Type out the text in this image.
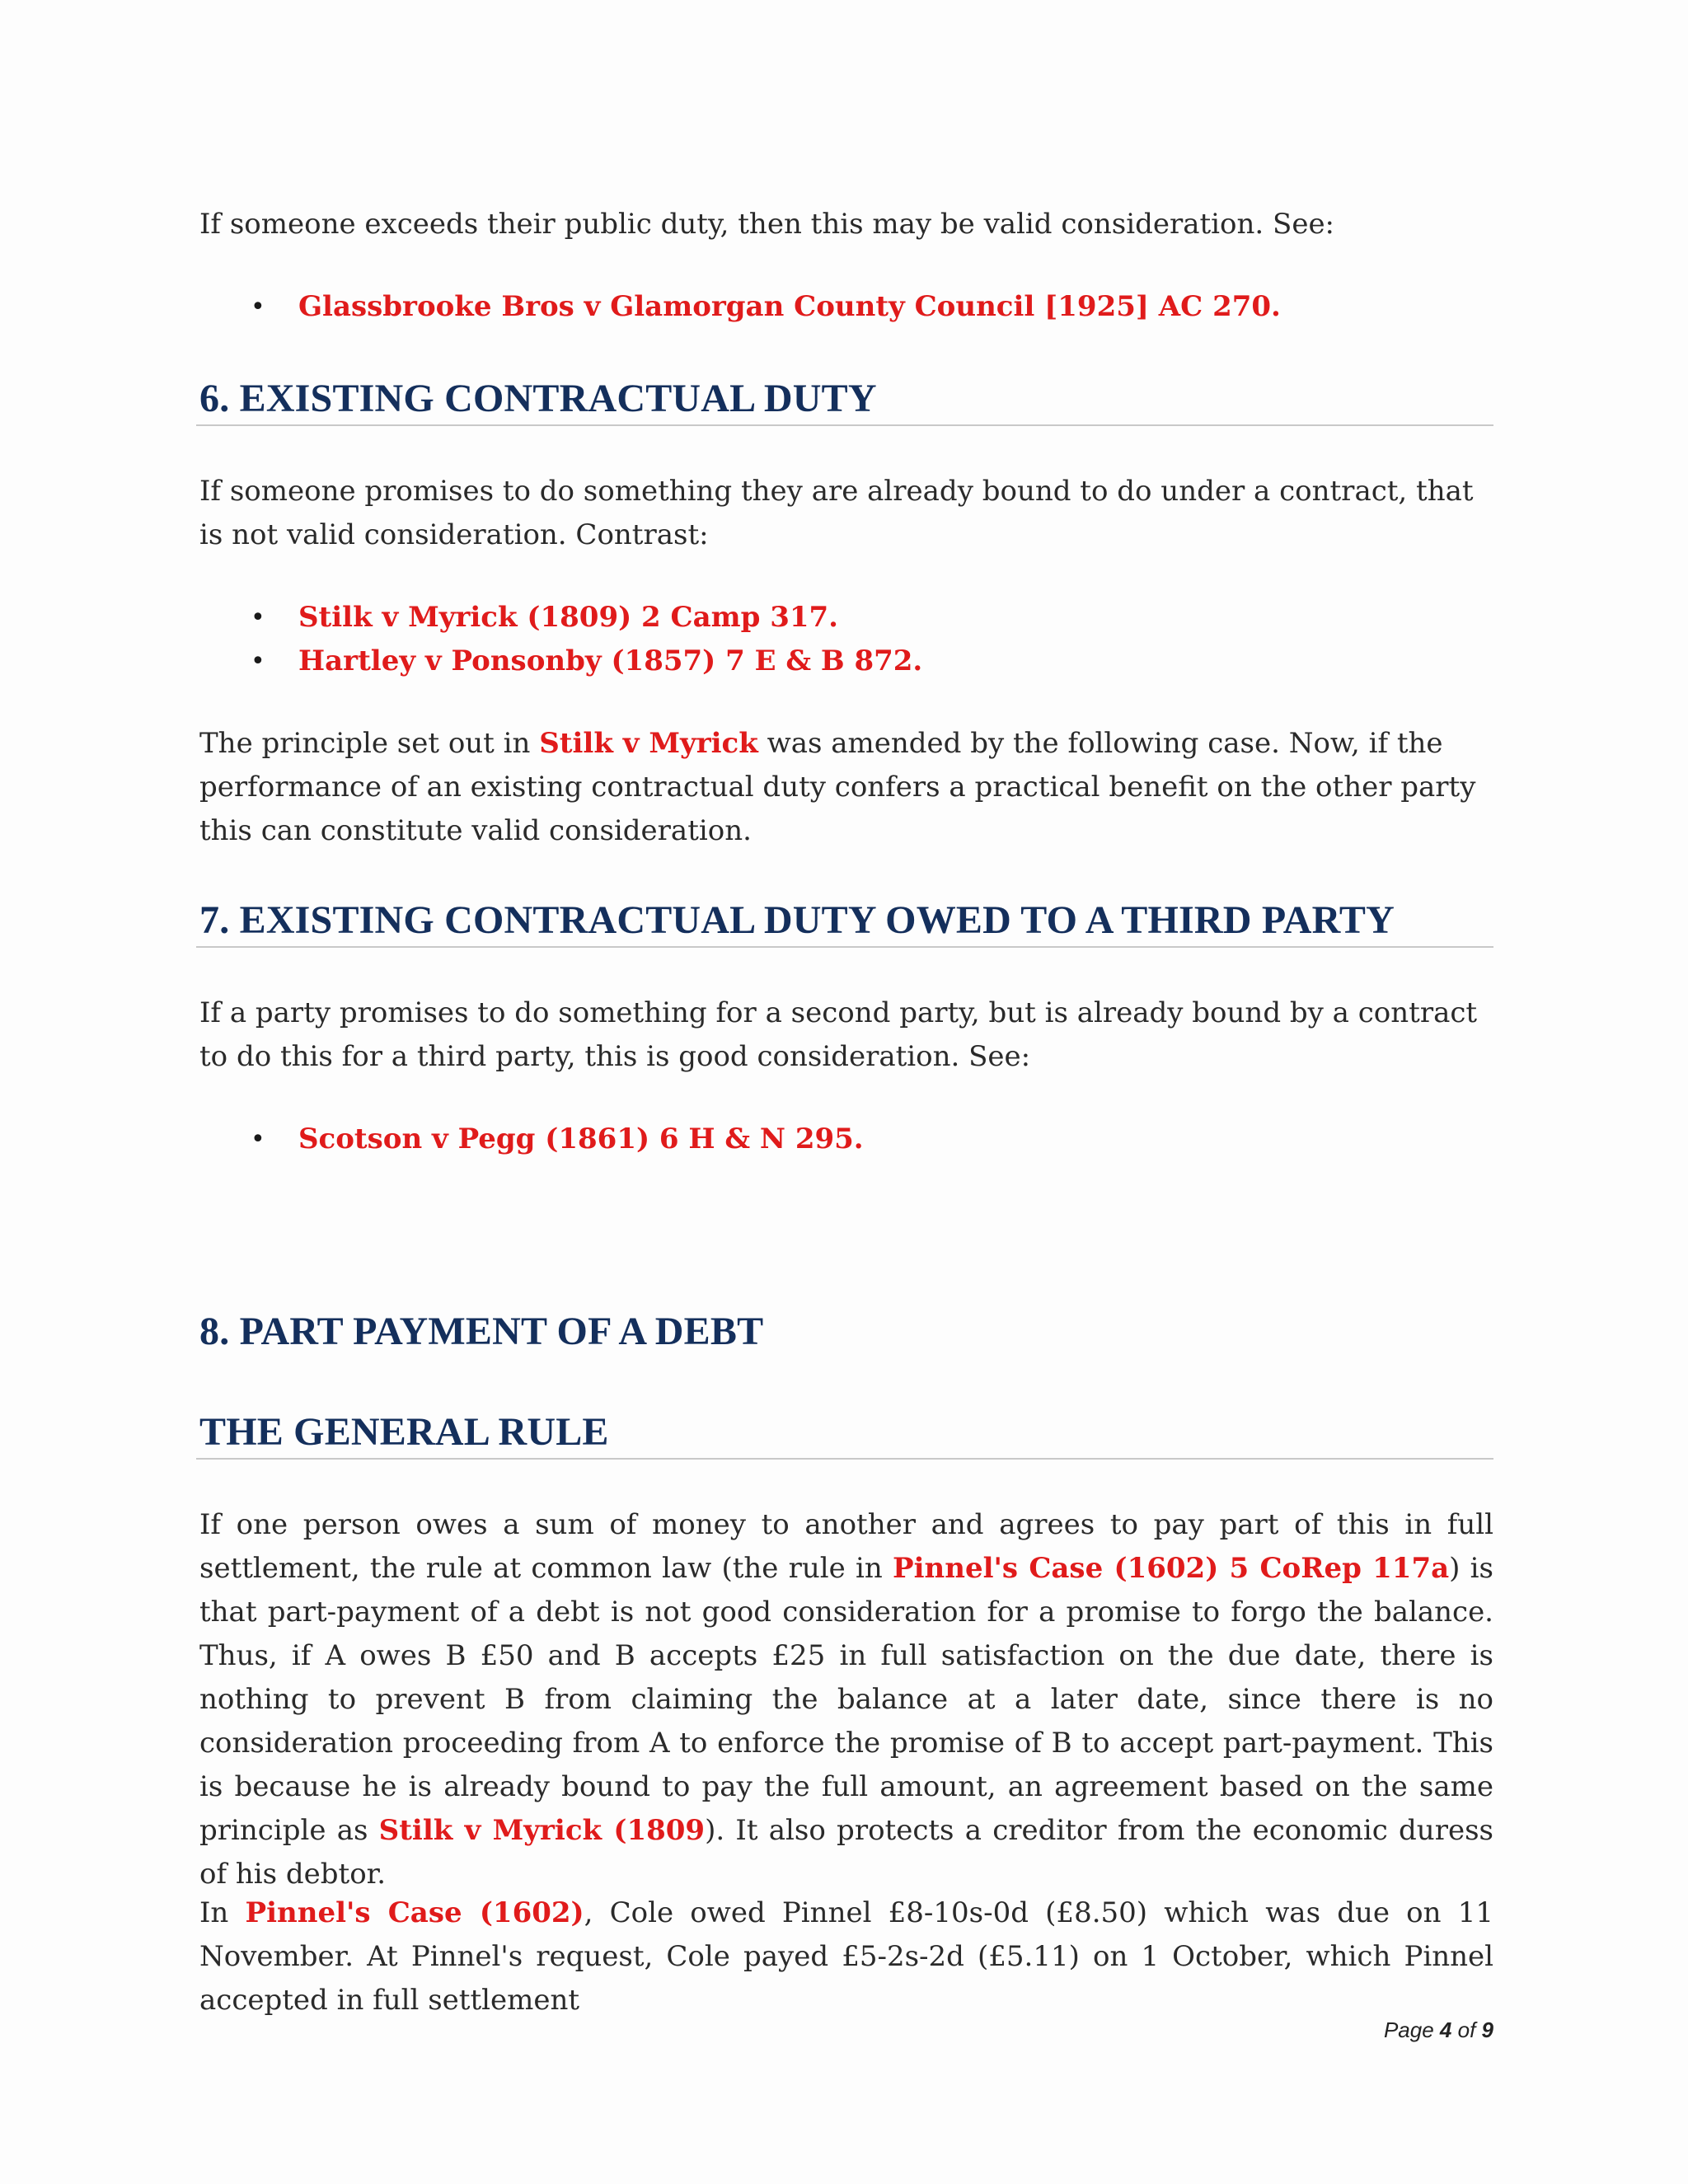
If someone exceeds their public duty, then this may be valid consideration. See:

• Glassbrooke Bros v Glamorgan County Council [1925] AC 270.
6. EXISTING CONTRACTUAL DUTY

If someone promises to do something they are already bound to do under a contract, that is not valid consideration. Contrast:

• Stilk v Myrick (1809) 2 Camp 317.
• Hartley v Ponsonby (1857) 7 E & B 872.

The principle set out in Stilk v Myrick was amended by the following case. Now, if the performance of an existing contractual duty confers a practical benefit on the other party this can constitute valid consideration.

7. EXISTING CONTRACTUAL DUTY OWED TO A THIRD PARTY

If a party promises to do something for a second party, but is already bound by a contract to do this for a third party, this is good consideration. See:

• Scotson v Pegg (1861) 6 H & N 295.
8. PART PAYMENT OF A DEBT
THE GENERAL RULE

If one person owes a sum of money to another and agrees to pay part of this in full settlement, the rule at common law (the rule in Pinnel's Case (1602) 5 CoRep 117a) is that part-payment of a debt is not good consideration for a promise to forgo the balance. Thus, if A owes B £50 and B accepts £25 in full satisfaction on the due date, there is nothing to prevent B from claiming the balance at a later date, since there is no consideration proceeding from A to enforce the promise of B to accept part-payment. This is because he is already bound to pay the full amount, an agreement based on the same principle as Stilk v Myrick (1809). It also protects a creditor from the economic duress of his debtor.

In Pinnel's Case (1602), Cole owed Pinnel £8-10s-0d (£8.50) which was due on 11 November. At Pinnel's request, Cole payed £5-2s-2d (£5.11) on 1 October, which Pinnel accepted in full settlement

Page 4 of 9
